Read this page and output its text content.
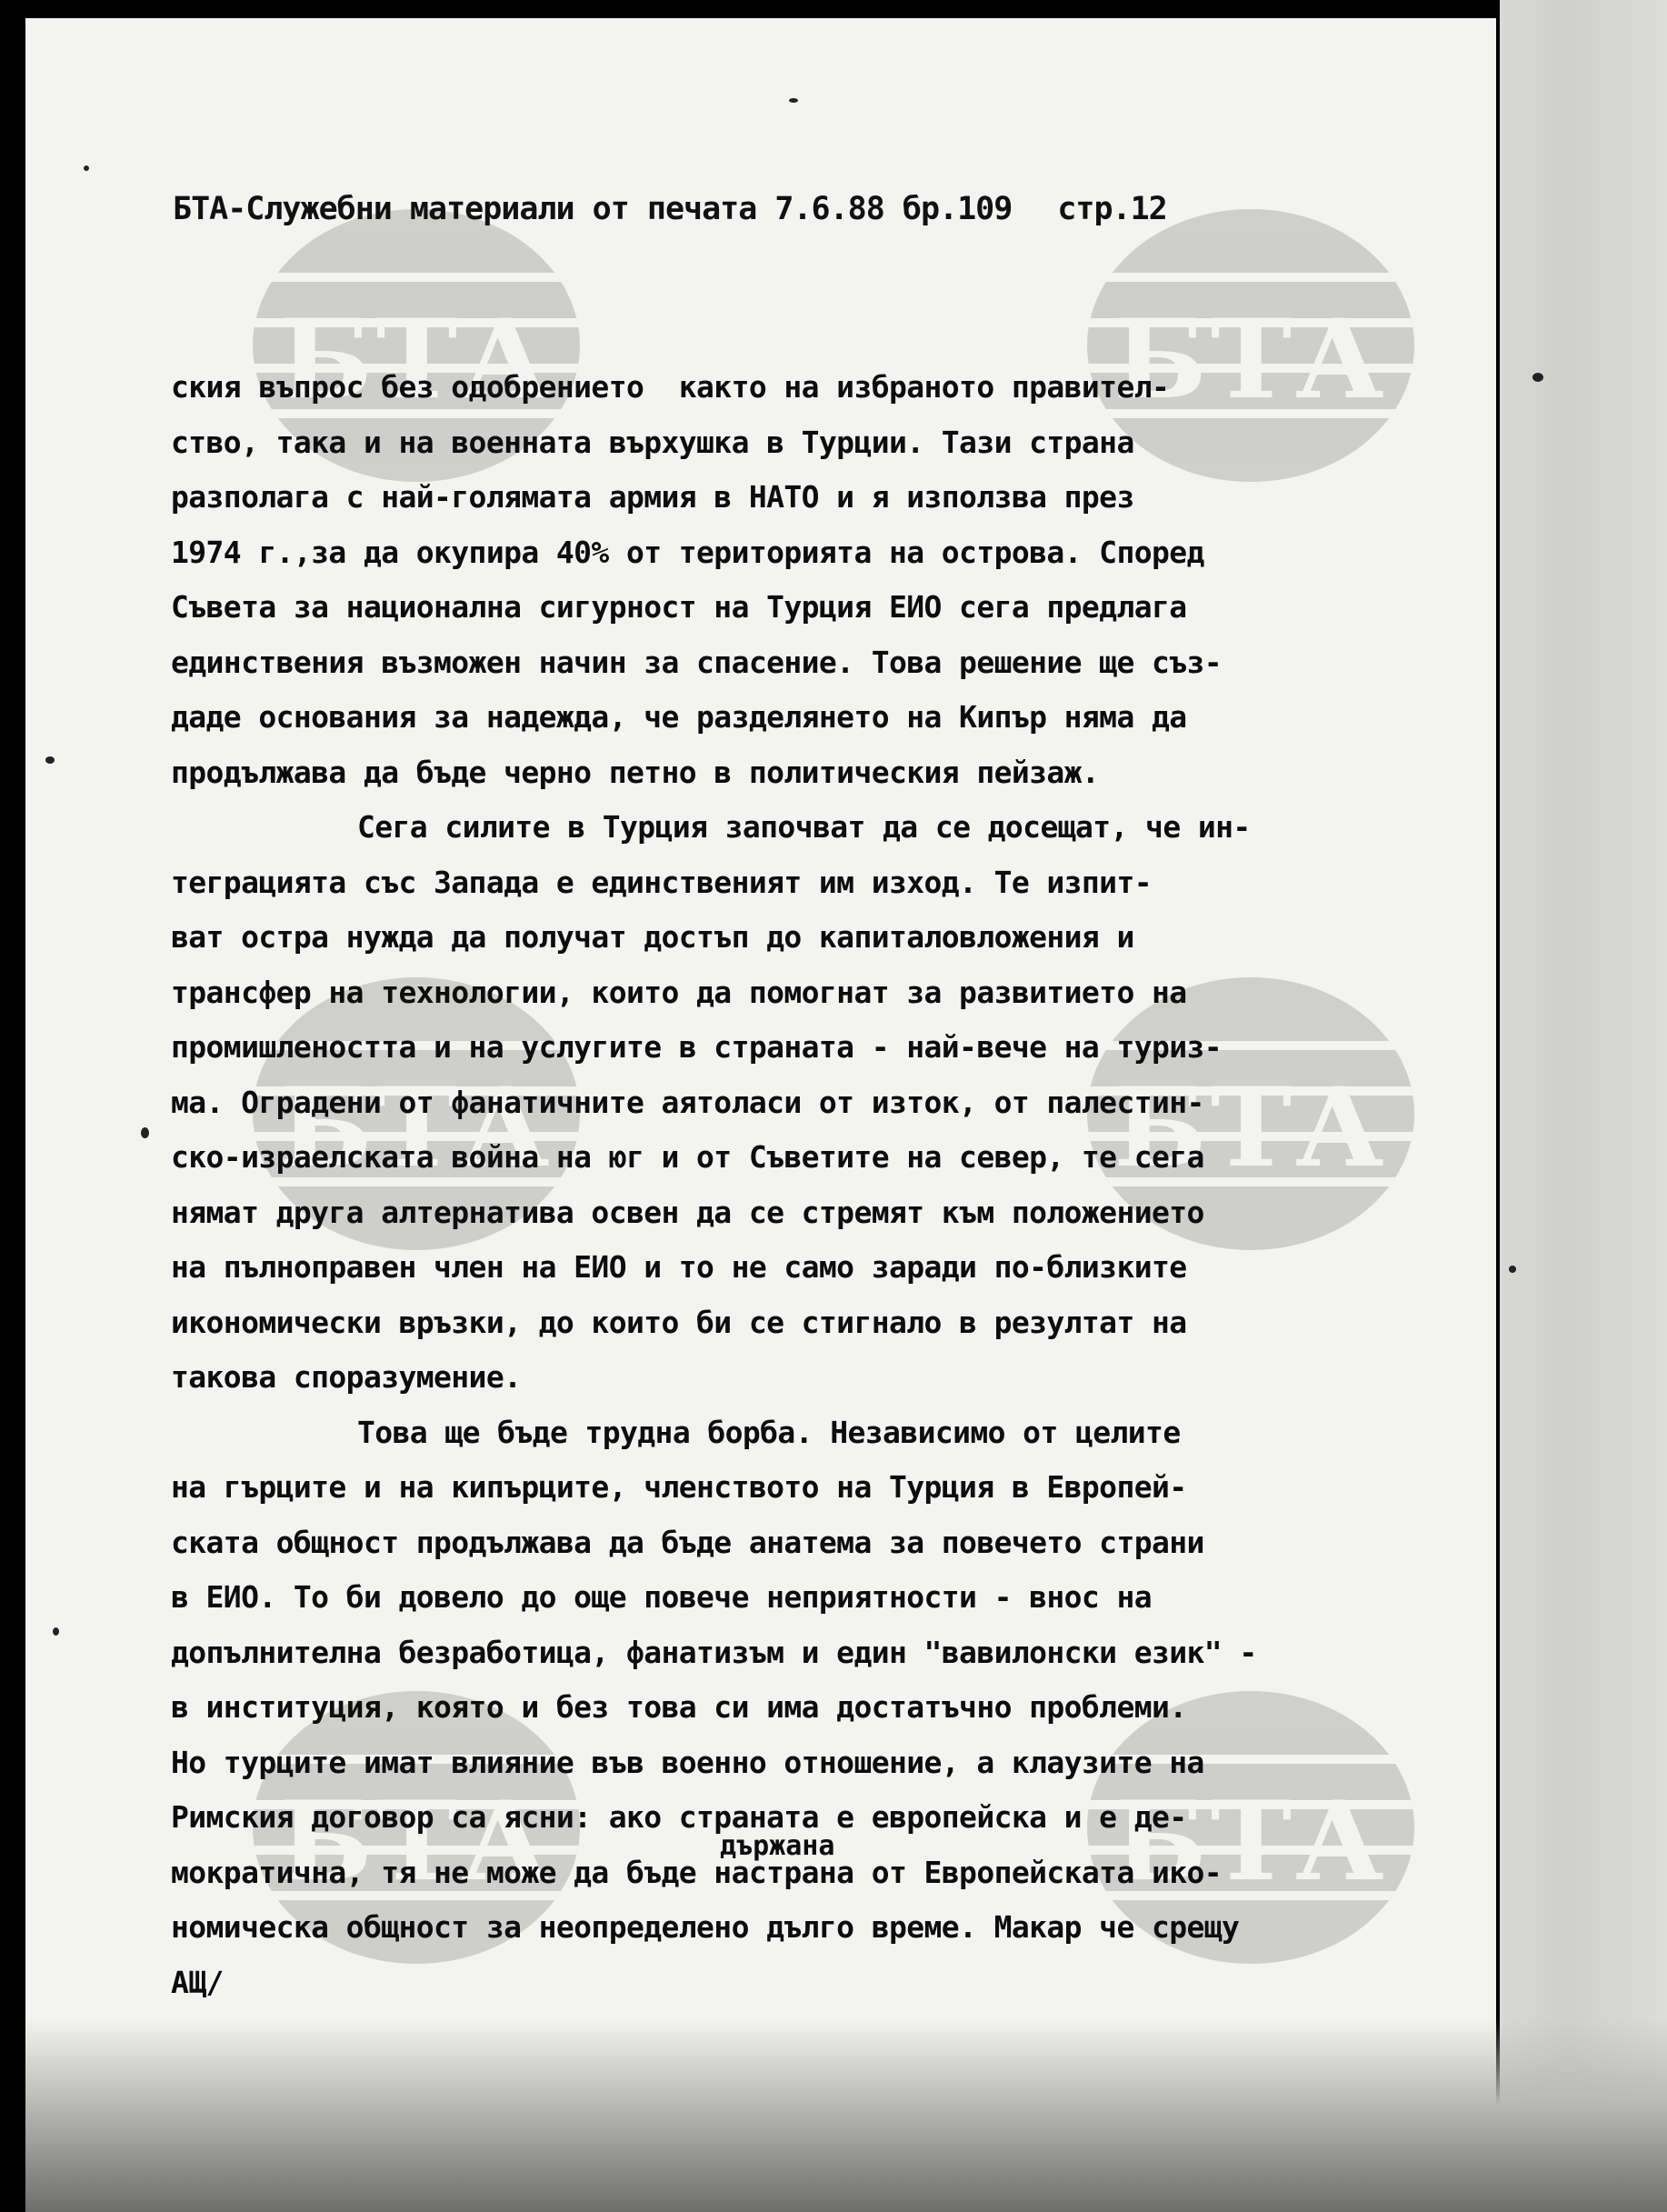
БТА	БТА
БТА	БТА
БТА	БТА
БТА-Служебни материали от печата 7.6.88 бр.109 стр.12
ския въпрос без одобрението  както на избраното правител-
ство, така и на военната върхушка в Турции. Тази страна
разполага с най-голямата армия в НАТО и я използва през
1974 г.,за да окупира 40% от територията на острова. Според
Съвета за национална сигурност на Турция ЕИО сега предлага
единствения възможен начин за спасение. Това решение ще съз-
даде основания за надежда, че разделянето на Кипър няма да
продължава да бъде черно петно в политическия пейзаж.
Сега силите в Турция започват да се досещат, че ин-
теграцията със Запада е единственият им изход. Те изпит-
ват остра нужда да получат достъп до капиталовложения и
трансфер на технологии, които да помогнат за развитието на
промишлеността и на услугите в страната - най-вече на туриз-
ма. Оградени от фанатичните аятоласи от изток, от палестин-
ско-израелската война на юг и от Съветите на север, те сега
нямат друга алтернатива освен да се стремят към положението
на пълноправен член на ЕИО и то не само заради по-близките
икономически връзки, до които би се стигнало в резултат на
такова споразумение.
Това ще бъде трудна борба. Независимо от целите
на гърците и на кипърците, членството на Турция в Европей-
ската общност продължава да бъде анатема за повечето страни
в ЕИО. То би довело до още повече неприятности - внос на
допълнителна безработица, фанатизъм и един "вавилонски език" -
в институция, която и без това си има достатъчно проблеми.
Но турците имат влияние във военно отношение, а клаузите на
Римския договор са ясни: ако страната е европейска и е де-
мократична, тя не може да бъде настрана от Европейската ико-
номическа общност за неопределено дълго време. Макар че срещу
АЩ/
държана
